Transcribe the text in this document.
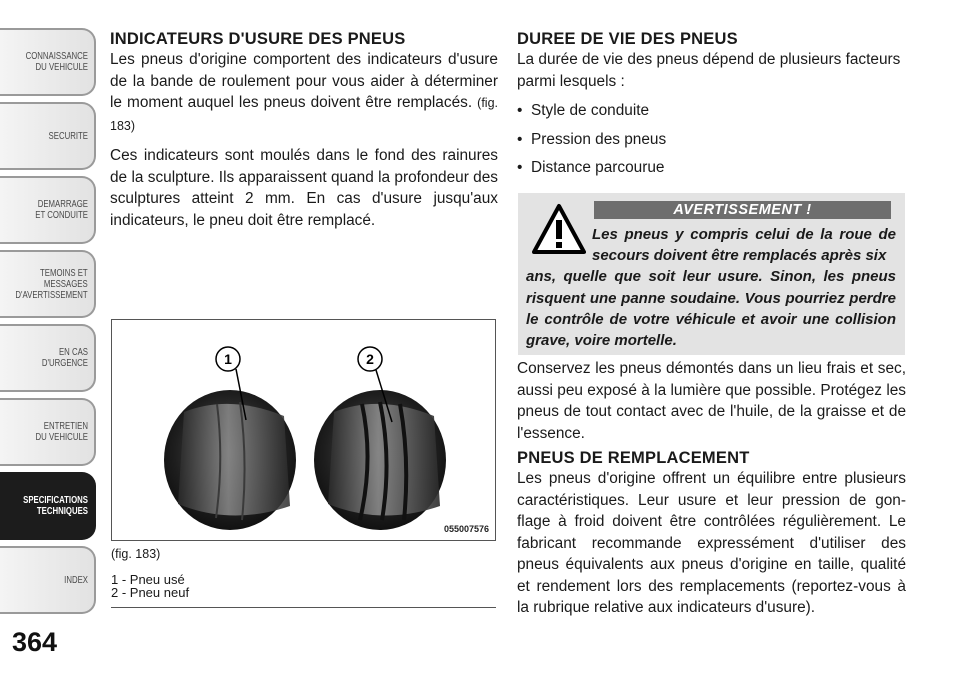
CONNAISSANCE
DU VEHICULE
SECURITE
DEMARRAGE
ET CONDUITE
TEMOINS ET
MESSAGES
D'AVERTISSEMENT
EN CAS
D'URGENCE
ENTRETIEN
DU VEHICULE
SPECIFICATIONS
TECHNIQUES
INDEX
364
INDICATEURS D'USURE DES PNEUS

Les pneus d'origine comportent des indicateurs d'usure de la bande de roulement pour vous aider à déterminer le moment auquel les pneus doivent être remplacés. (fig. 183)

Ces indicateurs sont moulés dans le fond des rainures de la sculpture. Ils apparaissent quand la profondeur des sculptures atteint 2 mm. En cas d'usure jusqu'aux indicateurs, le pneu doit être remplacé.

1	2
055007576
(fig. 183)
1 - Pneu usé
2 - Pneu neuf
DUREE DE VIE DES PNEUS

La durée de vie des pneus dépend de plusieurs facteurs parmi lesquels :

• Style de conduite
• Pression des pneus
• Distance parcourue
AVERTISSEMENT !
Les pneus y compris celui de la roue de secours doivent être remplacés après six
ans, quelle que soit leur usure. Sinon, les pneus risquent une panne soudaine. Vous pourriez perdre le contrôle de votre véhicule et avoir une collision grave, voire mortelle.

Conservez les pneus démontés dans un lieu frais et sec, aussi peu exposé à la lumière que possible. Protégez les pneus de tout contact avec de l'huile, de la graisse et de l'essence.

PNEUS DE REMPLACEMENT

Les pneus d'origine offrent un équilibre entre plusieurs caractéristiques. Leur usure et leur pression de gon-flage à froid doivent être contrôlées régulièrement. Le fabricant recommande expressément d'utiliser des pneus équivalents aux pneus d'origine en taille, qualité et rendement lors des remplacements (reportez-vous à la rubrique relative aux indicateurs d'usure).
